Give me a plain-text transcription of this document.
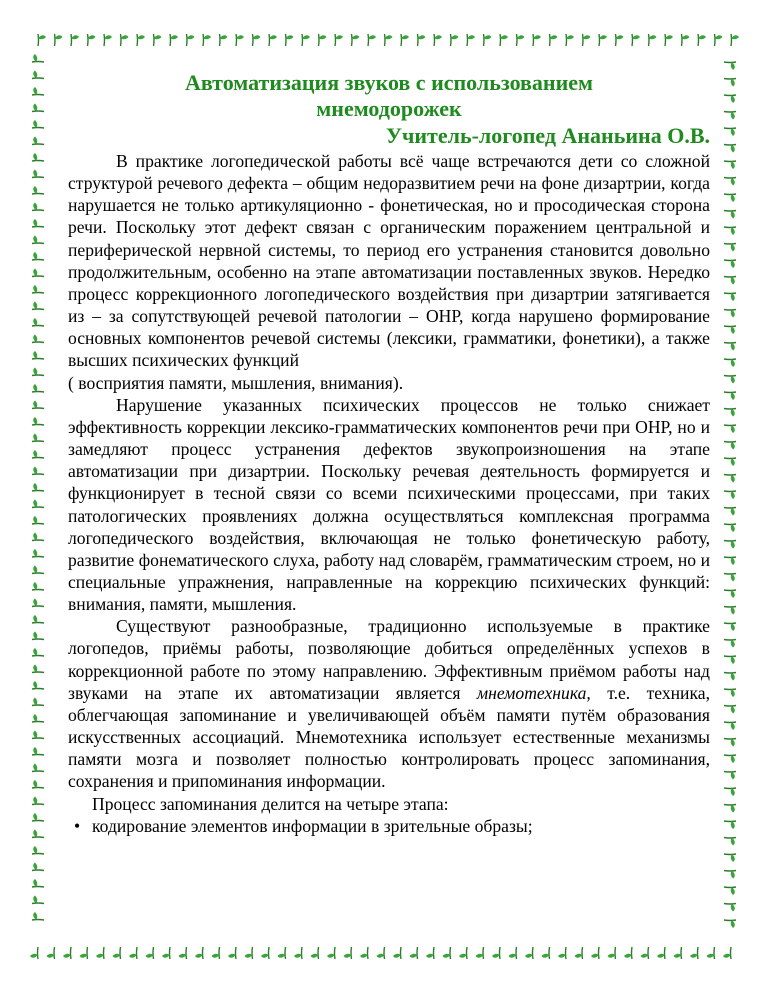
Автоматизация звуков с использованием

мнемодорожек

Учитель-логопед Ананьина О.В.

В практике логопедической работы всё чаще встречаются дети со сложной структурой речевого дефекта – общим недоразвитием речи на фоне дизартрии, когда нарушается не только артикуляционно - фонетическая, но и просодическая сторона речи. Поскольку этот дефект связан с органическим поражением центральной и периферической нервной системы, то период его устранения становится довольно продолжительным, особенно на этапе автоматизации поставленных звуков. Нередко процесс коррекционного логопедического воздействия при дизартрии затягивается из – за сопутствующей речевой патологии – ОНР, когда нарушено формирование основных компонентов речевой системы (лексики, грамматики, фонетики), а также высших психических функций

( восприятия памяти, мышления, внимания).

Нарушение указанных психических процессов не только снижает эффективность коррекции лексико-грамматических компонентов речи при ОНР, но и замедляют процесс устранения дефектов звукопроизношения на этапе автоматизации при дизартрии. Поскольку речевая деятельность формируется и функционирует в тесной связи со всеми психическими процессами, при таких патологических проявлениях должна осуществляться комплексная программа логопедического воздействия, включающая не только фонетическую работу, развитие фонематического слуха, работу над словарём, грамматическим строем, но и специальные упражнения, направленные на коррекцию психических функций: внимания, памяти, мышления.

Существуют разнообразные, традиционно используемые в практике логопедов, приёмы работы, позволяющие добиться определённых успехов в коррекционной работе по этому направлению. Эффективным приёмом работы над звуками на этапе их автоматизации является мнемотехника, т.е. техника, облегчающая запоминание и увеличивающей объём памяти путём образования искусственных ассоциаций. Мнемотехника использует естественные механизмы памяти мозга и позволяет полностью контролировать процесс запоминания, сохранения и припоминания информации.

Процесс запоминания делится на четыре этапа:

• кодирование элементов информации в зрительные образы;
